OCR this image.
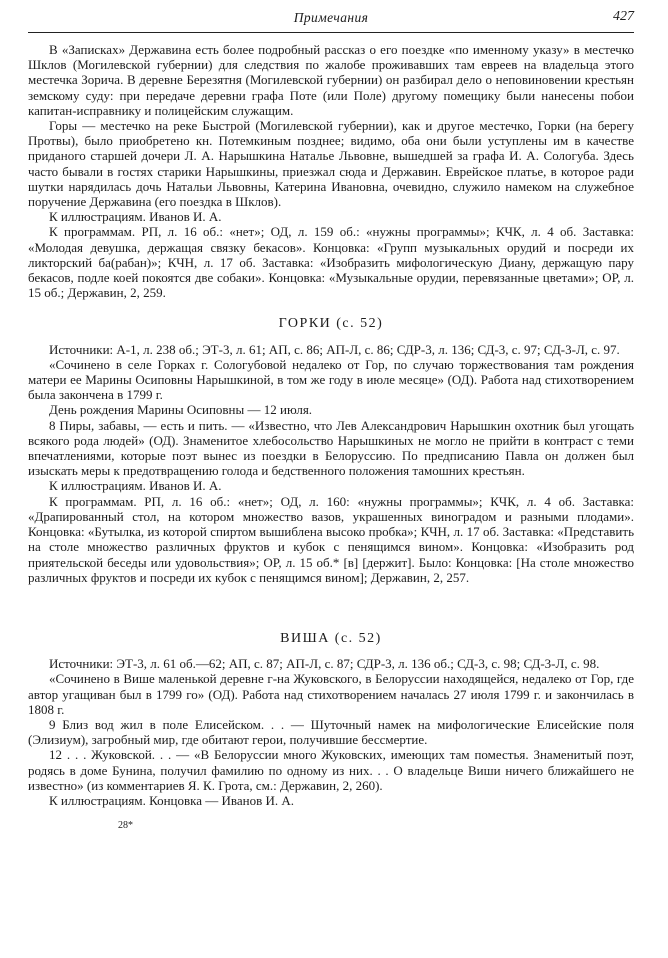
Примечания	427

В «Записках» Державина есть более подробный рассказ о его поездке «по именному указу» в местечко Шклов (Могилевской губернии) для следствия по жалобе проживавших там евреев на владельца этого местечка Зорича. В деревне Березятня (Могилевской губернии) он разбирал дело о неповиновении крестьян земскому суду: при передаче деревни графа Поте (или Поле) другому помещику были нанесены побои капитан-исправнику и полицейским служащим.

Горы — местечко на реке Быстрой (Могилевской губернии), как и другое местечко, Горки (на берегу Протвы), было приобретено кн. Потемкиным позднее; видимо, оба они были уступлены им в качестве приданого старшей дочери Л. А. Нарышкина Наталье Львовне, вышедшей за графа И. А. Сологуба. Здесь часто бывали в гостях старики Нарышкины, приезжал сюда и Державин. Еврейское платье, в которое ради шутки нарядилась дочь Натальи Львовны, Катерина Ивановна, очевидно, служило намеком на служебное поручение Державина (его поездка в Шклов).

К иллюстрациям. Иванов И. А.

К программам. РП, л. 16 об.: «нет»; ОД, л. 159 об.: «нужны программы»; КЧК, л. 4 об. Заставка: «Молодая девушка, держащая связку бекасов». Концовка: «Групп музыкальных орудий и посреди их ликторский ба(рабан)»; КЧН, л. 17 об. Заставка: «Изобразить мифологическую Диану, держащую пару бекасов, подле коей покоятся две собаки». Концовка: «Музыкальные орудии, перевязанные цветами»; ОР, л. 15 об.; Державин, 2, 259.

ГОРКИ (с. 52)

Источники: А-1, л. 238 об.; ЭТ-3, л. 61; АП, с. 86; АП-Л, с. 86; СДР-3, л. 136; СД-3, с. 97; СД-3-Л, с. 97.

«Сочинено в селе Горках г. Сологубовой недалеко от Гор, по случаю торжествования там рождения матери ее Марины Осиповны Нарышкиной, в том же году в июле месяце» (ОД). Работа над стихотворением была закончена в 1799 г.

День рождения Марины Осиповны — 12 июля.

8 Пиры, забавы, — есть и пить. — «Известно, что Лев Александрович Нарышкин охотник был угощать всякого рода людей» (ОД). Знаменитое хлебосольство Нарышкиных не могло не прийти в контраст с теми впечатлениями, которые поэт вынес из поездки в Белоруссию. По предписанию Павла он должен был изыскать меры к предотвращению голода и бедственного положения тамошних крестьян.

К иллюстрациям. Иванов И. А.

К программам. РП, л. 16 об.: «нет»; ОД, л. 160: «нужны программы»; КЧК, л. 4 об. Заставка: «Драпированный стол, на котором множество вазов, украшенных виноградом и разными плодами». Концовка: «Бутылка, из которой спиртом вышиблена высоко пробка»; КЧН, л. 17 об. Заставка: «Представить на столе множество различных фруктов и кубок с пенящимся вином». Концовка: «Изобразить род приятельской беседы или удовольствия»; ОР, л. 15 об.* [в] [держит]. Было: Концовка: [На столе множество различных фруктов и посреди их кубок с пенящимся вином]; Державин, 2, 257.

ВИША (с. 52)

Источники: ЭТ-3, л. 61 об.—62; АП, с. 87; АП-Л, с. 87; СДР-3, л. 136 об.; СД-3, с. 98; СД-3-Л, с. 98.

«Сочинено в Више маленькой деревне г-на Жуковского, в Белоруссии находящейся, недалеко от Гор, где автор угащиван был в 1799 го» (ОД). Работа над стихотворением началась 27 июля 1799 г. и закончилась в 1808 г.

9 Близ вод жил в поле Елисейском. . . — Шуточный намек на мифологические Елисейские поля (Элизиум), загробный мир, где обитают герои, получившие бессмертие.

12 . . . Жуковской. . . — «В Белоруссии много Жуковских, имеющих там поместья. Знаменитый поэт, родясь в доме Бунина, получил фамилию по одному из них. . . О владельце Виши ничего ближайшего не известно» (из комментариев Я. К. Грота, см.: Державин, 2, 260).

К иллюстрациям. Концовка — Иванов И. А.

28*
